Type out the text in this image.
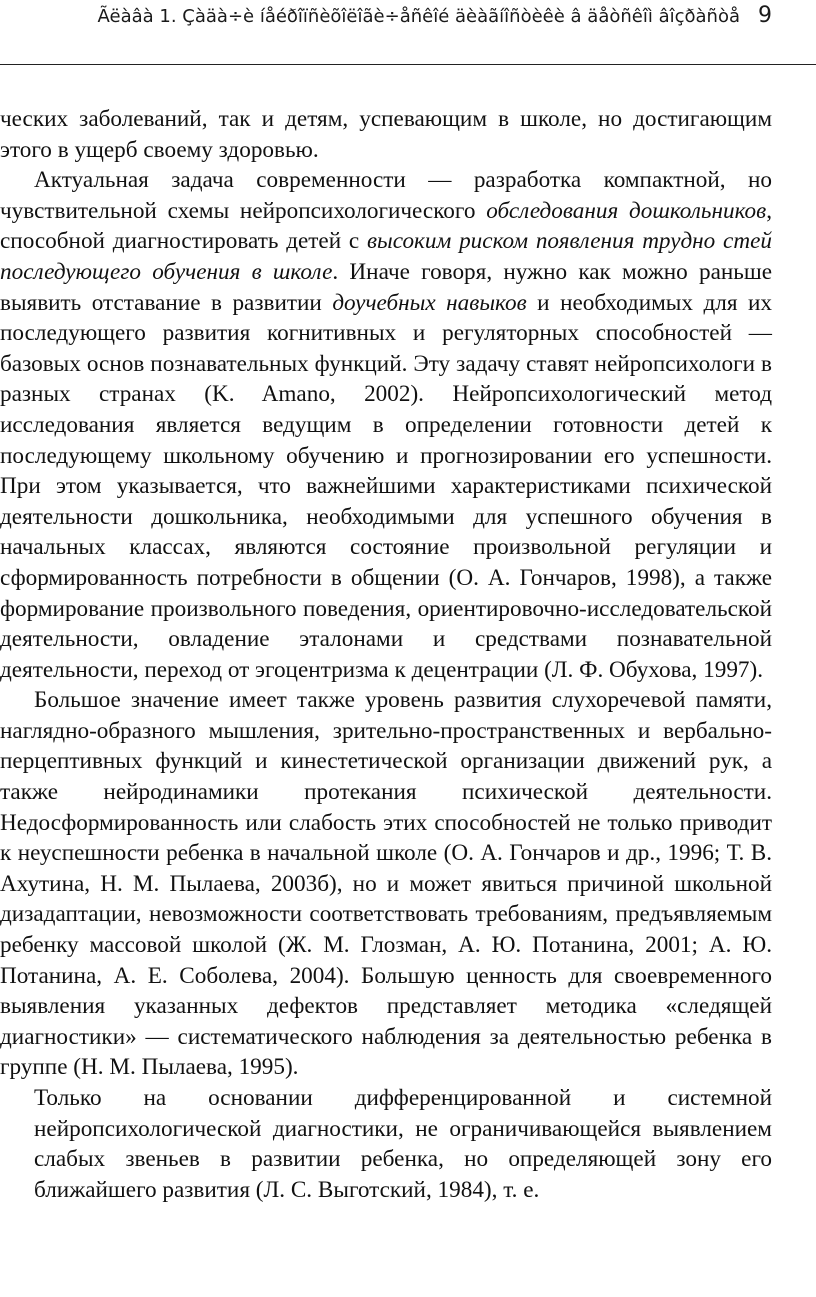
Ãëàâà 1. Çàäà÷è íåéðîïñèõîëîãè÷åñêîé äèàãíîñòèêè â äåòñêîì âîçðàñòå 9

ческих заболеваний, так и детям, успевающим в школе, но достигающим этого в ущерб своему здоровью.

Актуальная задача современности — разработка компактной, но чувствительной схемы нейропсихологического обследования дошкольников, способной диагностировать детей с высоким риском появления трудно стей последующего обучения в школе. Иначе говоря, нужно как можно раньше выявить отставание в развитии доучебных навыков и необходимых для их последующего развития когнитивных и регуляторных способностей — базовых основ познавательных функций. Эту задачу ставят нейропсихологи в разных странах (K. Amano, 2002). Нейропсихологический метод исследования является ведущим в определении готовности детей к последующему школьному обучению и прогнозировании его успешности. При этом указывается, что важнейшими характеристиками психической деятельности дошкольника, необходимыми для успешного обучения в начальных классах, являются состояние произвольной регуляции и сформированность потребности в общении (О. А. Гончаров, 1998), а также формирование произвольного поведения, ориентировочно-исследовательской деятельности, овладение эталонами и средствами познавательной деятельности, переход от эгоцентризма к децентрации (Л. Ф. Обухова, 1997).

Большое значение имеет также уровень развития слухоречевой памяти, наглядно-образного мышления, зрительно-пространственных и вербально-перцептивных функций и кинестетической организации движений рук, а также нейродинамики протекания психической деятельности. Недосформированность или слабость этих способностей не только приводит к неуспешности ребенка в начальной школе (О. А. Гончаров и др., 1996; Т. В. Ахутина, Н. М. Пылаева, 2003б), но и может явиться причиной школьной дизадаптации, невозможности соответствовать требованиям, предъявляемым ребенку массовой школой (Ж. М. Глозман, А. Ю. Потанина, 2001; А. Ю. Потанина, А. Е. Соболева, 2004). Большую ценность для своевременного выявления указанных дефектов представляет методика «следящей диагностики» — систематического наблюдения за деятельностью ребенка в группе (Н. М. Пылаева, 1995).

Только на основании дифференцированной и системной нейропсихологической диагностики, не ограничивающейся выявлением слабых звеньев в развитии ребенка, но определяющей зону его ближайшего развития (Л. С. Выготский, 1984), т. е.
